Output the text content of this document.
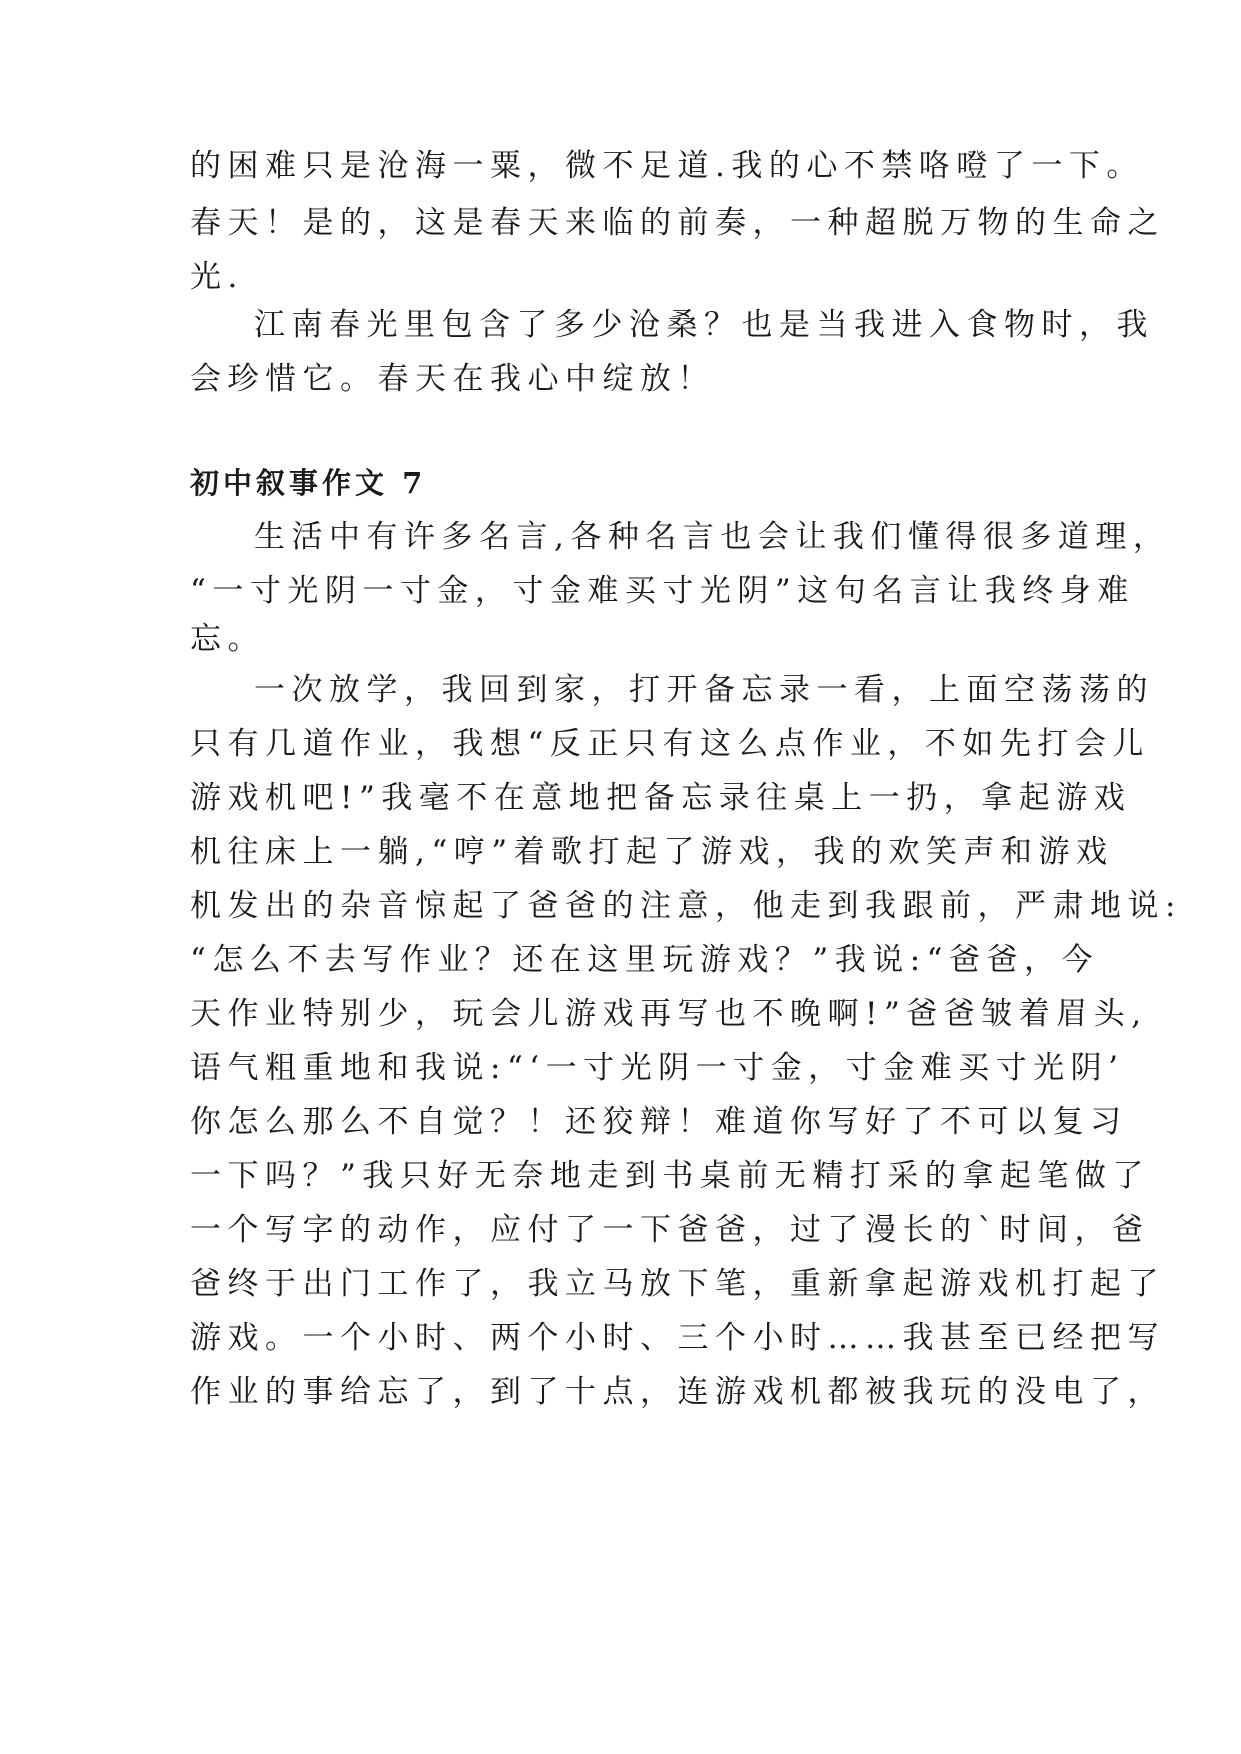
的困难只是沧海一粟，微不足道.我的心不禁咯噔了一下。

春天！是的，这是春天来临的前奏，一种超脱万物的生命之

光.

江南春光里包含了多少沧桑？也是当我进入食物时，我

会珍惜它。春天在我心中绽放！

初中叙事作文 7

生活中有许多名言,各种名言也会让我们懂得很多道理，

“一寸光阴一寸金，寸金难买寸光阴”这句名言让我终身难

忘。

一次放学，我回到家，打开备忘录一看，上面空荡荡的

只有几道作业，我想“反正只有这么点作业，不如先打会儿

游戏机吧!”我毫不在意地把备忘录往桌上一扔，拿起游戏

机往床上一躺,“哼”着歌打起了游戏，我的欢笑声和游戏

机发出的杂音惊起了爸爸的注意，他走到我跟前，严肃地说:

“怎么不去写作业？还在这里玩游戏？”我说:“爸爸，今

天作业特别少，玩会儿游戏再写也不晚啊!”爸爸皱着眉头,

语气粗重地和我说:“‘一寸光阴一寸金，寸金难买寸光阴’

你怎么那么不自觉？！还狡辩！难道你写好了不可以复习

一下吗？”我只好无奈地走到书桌前无精打采的拿起笔做了

一个写字的动作，应付了一下爸爸，过了漫长的`时间，爸

爸终于出门工作了，我立马放下笔，重新拿起游戏机打起了

游戏。一个小时、两个小时、三个小时……我甚至已经把写

作业的事给忘了，到了十点，连游戏机都被我玩的没电了，
